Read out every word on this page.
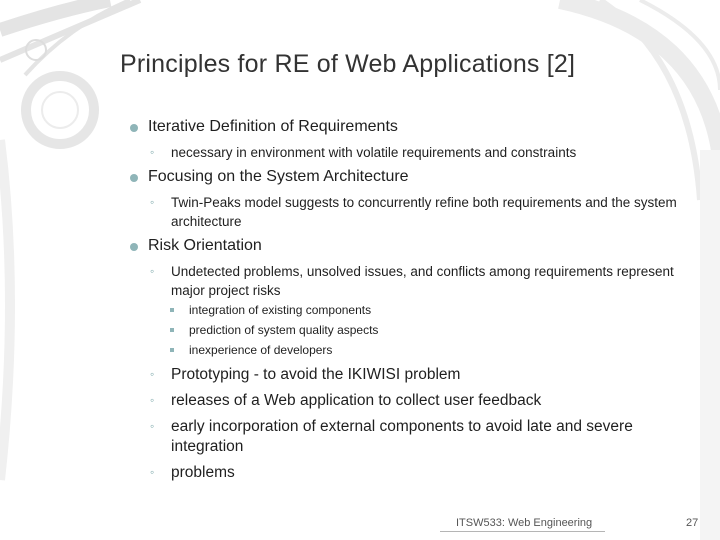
Principles for RE of Web Applications [2]
Iterative Definition of Requirements
◦ necessary in environment with volatile requirements and constraints
Focusing on the System Architecture
◦ Twin-Peaks model suggests to concurrently refine both requirements and the system architecture
Risk Orientation
◦ Undetected problems, unsolved issues, and conflicts among requirements represent major project risks
integration of existing components
prediction of system quality aspects
inexperience of developers
◦ Prototyping - to avoid the IKIWISI problem
◦ releases of a Web application to collect user feedback
◦ early incorporation of external components to avoid late and severe integration
◦ problems
ITSW533: Web Engineering	27
